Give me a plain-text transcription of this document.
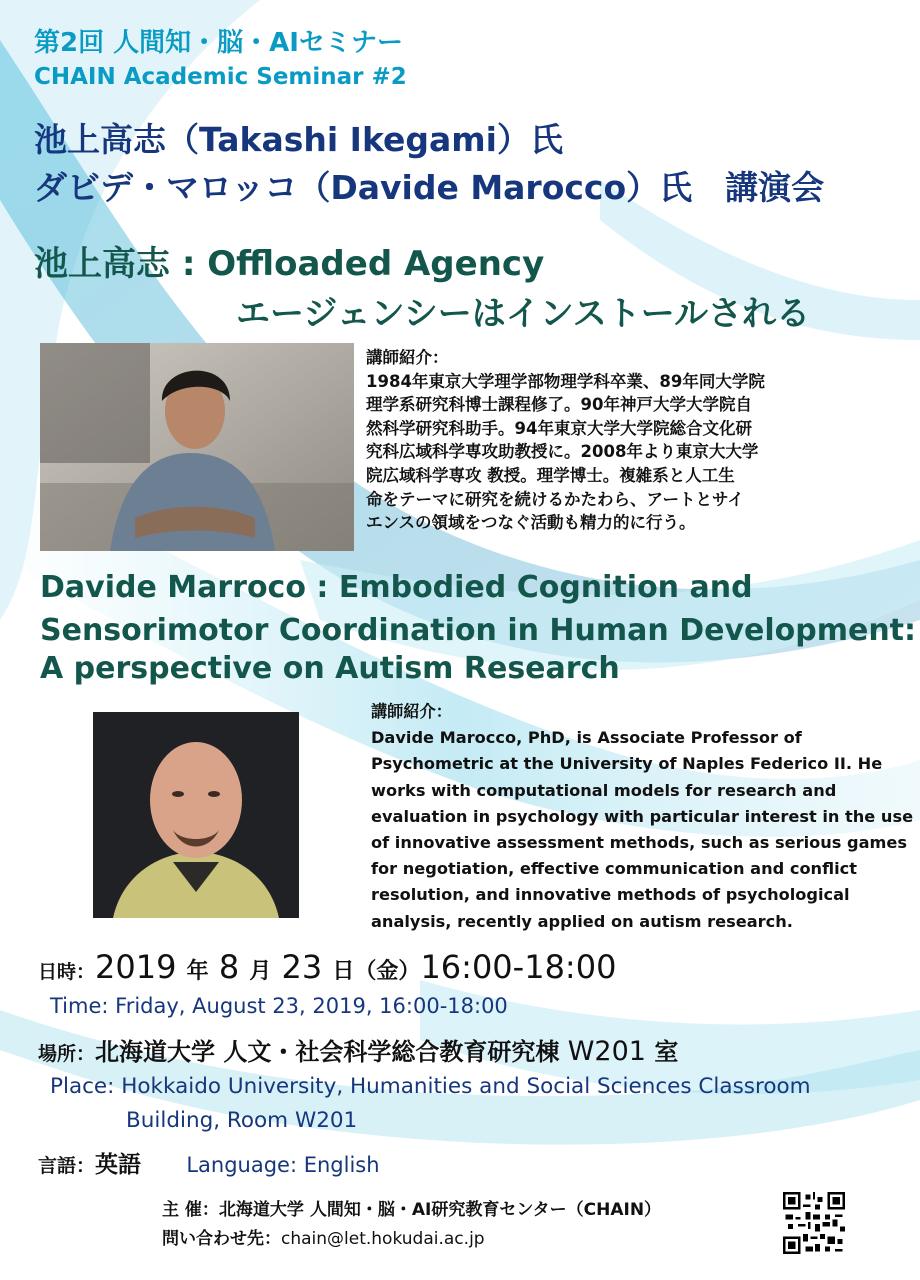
第2回 人間知・脳・AIセミナー
CHAIN Academic Seminar #2
池上高志（Takashi Ikegami）氏
ダビデ・マロッコ（Davide Marocco）氏　講演会
池上高志 : Offloaded Agency
エージェンシーはインストールされる
講師紹介：
1984年東京大学理学部物理学科卒業、89年同大学院
理学系研究科博士課程修了。90年神戸大学大学院自
然科学研究科助手。94年東京大学大学院総合文化研
究科広域科学専攻助教授に。2008年より東京大大学
院広域科学専攻 教授。理学博士。複雑系と人工生
命をテーマに研究を続けるかたわら、アートとサイ
エンスの領域をつなぐ活動も精力的に行う。
Davide Marroco : Embodied Cognition and
Sensorimotor Coordination in Human Development:
A perspective on Autism Research
講師紹介：
Davide Marocco, PhD, is Associate Professor of
Psychometric at the University of Naples Federico II. He
works with computational models for research and
evaluation in psychology with particular interest in the use
of innovative assessment methods, such as serious games
for negotiation, effective communication and conflict
resolution, and innovative methods of psychological
analysis, recently applied on autism research.
日時：2019 年 8 月 23 日（金）16:00-18:00
Time: Friday, August 23, 2019, 16:00-18:00
場所：北海道大学 人文・社会科学総合教育研究棟 W201 室
Place: Hokkaido University, Humanities and Social Sciences Classroom
Building, Room W201
言語：英語 Language: English
主 催：北海道大学 人間知・脳・AI研究教育センター（CHAIN）
問い合わせ先：chain@let.hokudai.ac.jp
